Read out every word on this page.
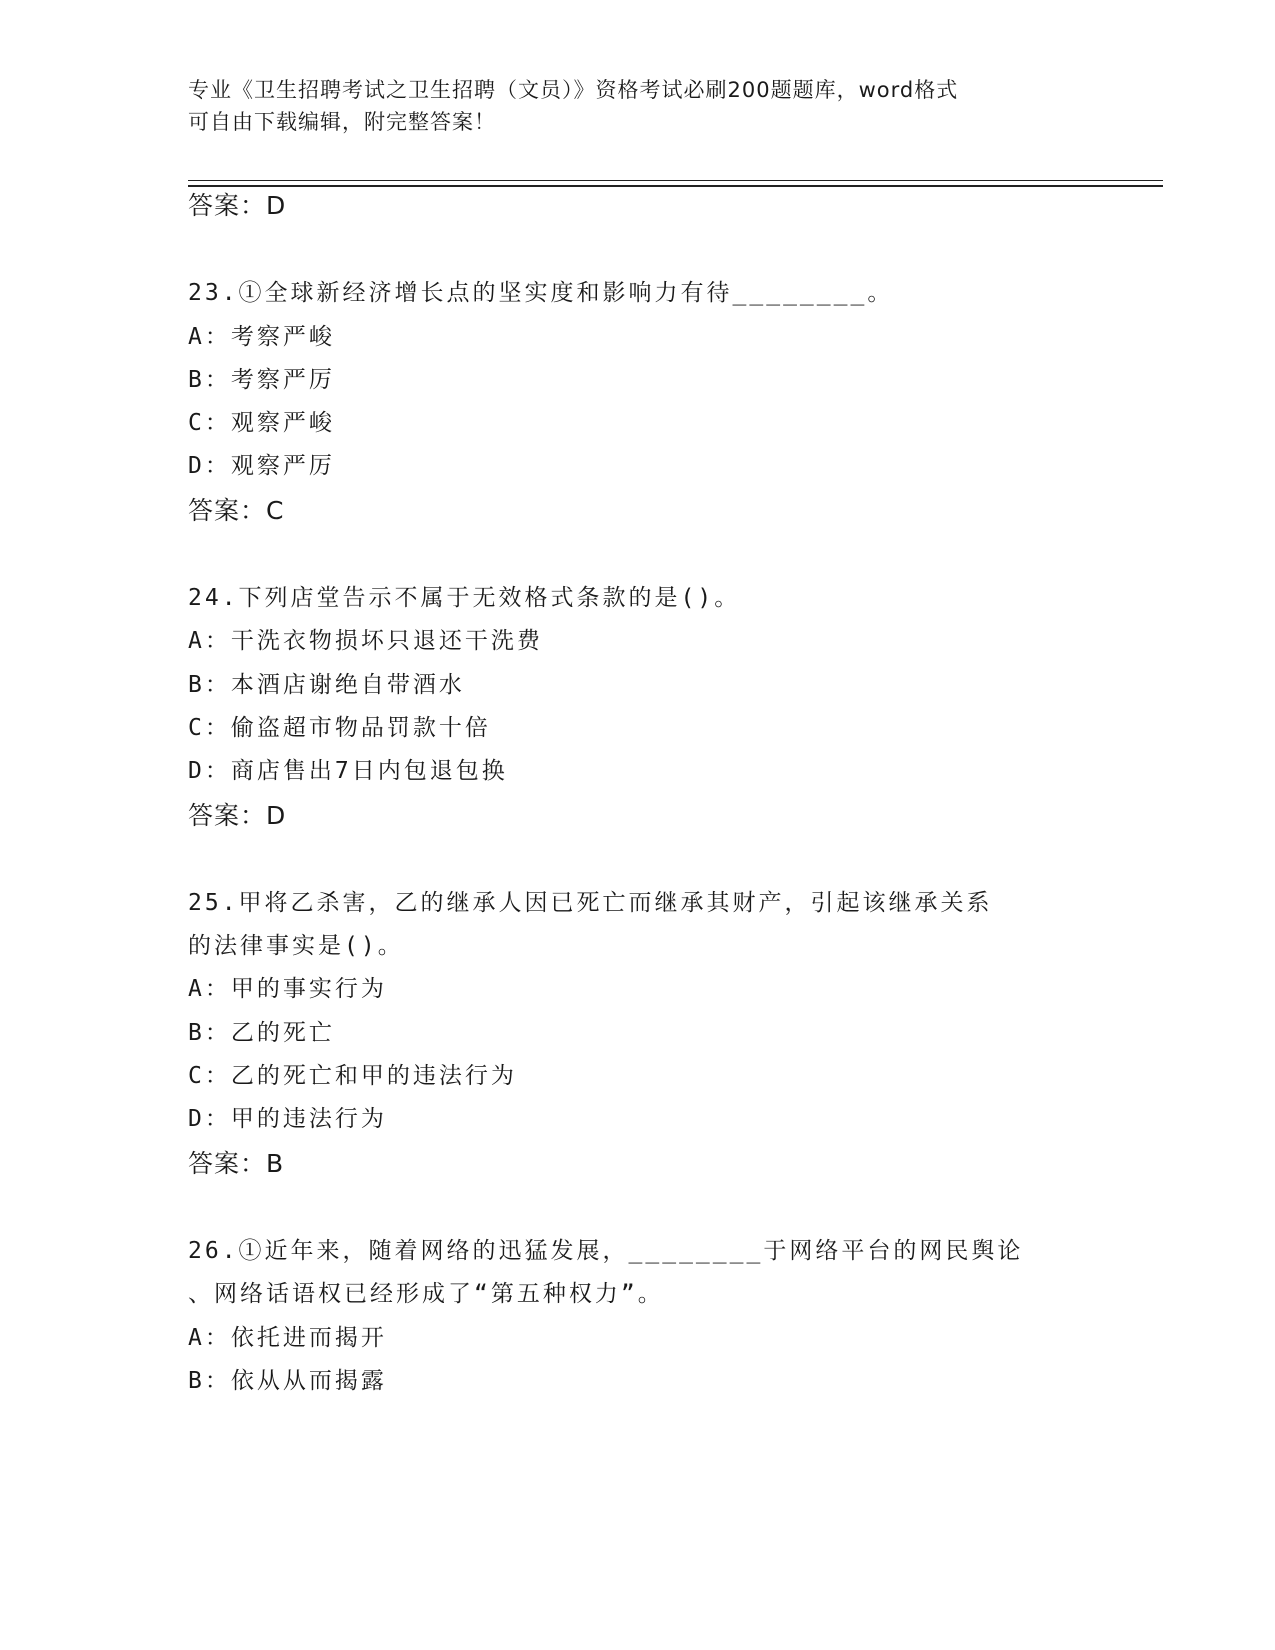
专业《卫生招聘考试之卫生招聘（文员）》资格考试必刷200题题库，word格式
可自由下载编辑，附完整答案！
答案：D
23.①全球新经济增长点的坚实度和影响力有待________。
A：考察严峻
B：考察严厉
C：观察严峻
D：观察严厉
答案：C
24.下列店堂告示不属于无效格式条款的是()。
A：干洗衣物损坏只退还干洗费
B：本酒店谢绝自带酒水
C：偷盗超市物品罚款十倍
D：商店售出7日内包退包换
答案：D
25.甲将乙杀害，乙的继承人因已死亡而继承其财产，引起该继承关系
的法律事实是()。
A：甲的事实行为
B：乙的死亡
C：乙的死亡和甲的违法行为
D：甲的违法行为
答案：B
26.①近年来，随着网络的迅猛发展，________于网络平台的网民舆论
、网络话语权已经形成了“第五种权力”。
A：依托进而揭开
B：依从从而揭露
